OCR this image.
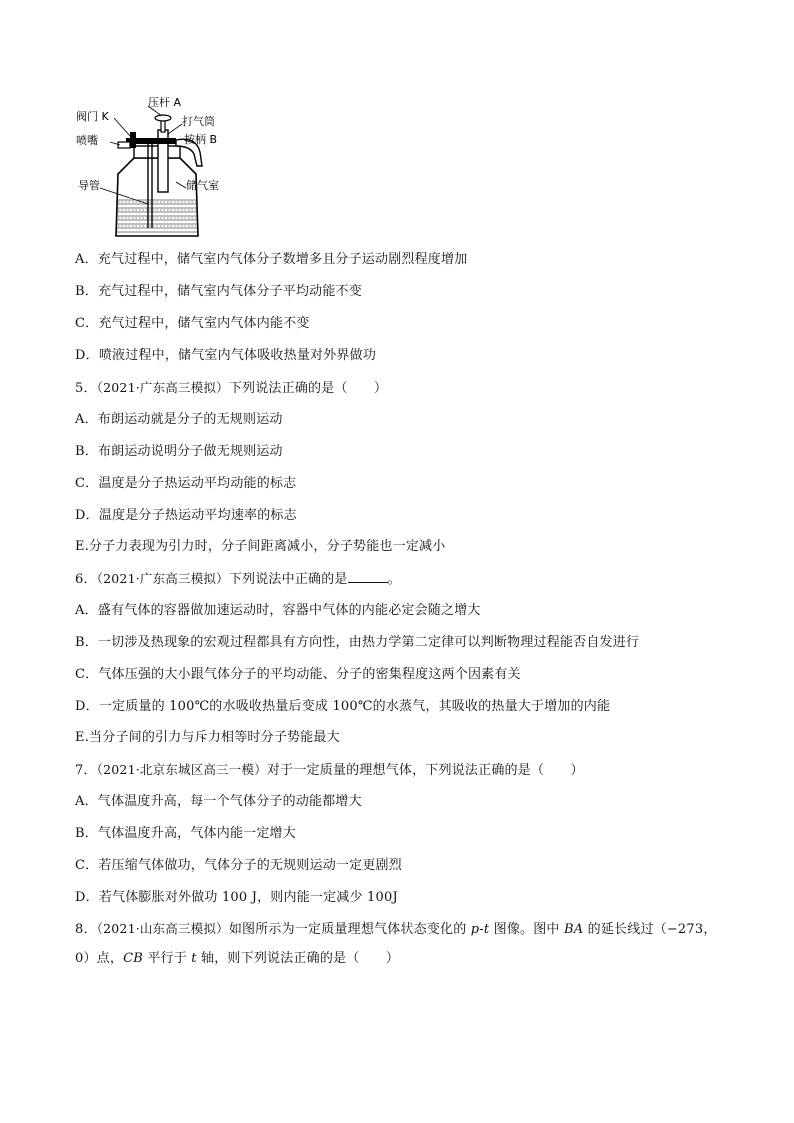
压杆 A
阀门 K	打气筒
喷嘴	按柄 B
导管	储气室
A．充气过程中，储气室内气体分子数增多且分子运动剧烈程度增加
B．充气过程中，储气室内气体分子平均动能不变
C．充气过程中，储气室内气体内能不变
D．喷液过程中，储气室内气体吸收热量对外界做功
5．（2021·广东高三模拟）下列说法正确的是（　　）
A．布朗运动就是分子的无规则运动
B．布朗运动说明分子做无规则运动
C．温度是分子热运动平均动能的标志
D．温度是分子热运动平均速率的标志
E.分子力表现为引力时，分子间距离减小，分子势能也一定减小
6．（2021·广东高三模拟）下列说法中正确的是	。
A．盛有气体的容器做加速运动时，容器中气体的内能必定会随之增大
B．一切涉及热现象的宏观过程都具有方向性，由热力学第二定律可以判断物理过程能否自发进行
C．气体压强的大小跟气体分子的平均动能、分子的密集程度这两个因素有关
D．一定质量的 100℃的水吸收热量后变成 100℃的水蒸气，其吸收的热量大于增加的内能
E.当分子间的引力与斥力相等时分子势能最大
7．（2021·北京东城区高三一模）对于一定质量的理想气体，下列说法正确的是（　　）
A．气体温度升高，每一个气体分子的动能都增大
B．气体温度升高，气体内能一定增大
C．若压缩气体做功，气体分子的无规则运动一定更剧烈
D．若气体膨胀对外做功 100 J，则内能一定减少 100J
8．（2021·山东高三模拟）如图所示为一定质量理想气体状态变化的 p-t 图像。图中 BA 的延长线过（−273，
0）点，CB 平行于 t 轴，则下列说法正确的是（　　）
